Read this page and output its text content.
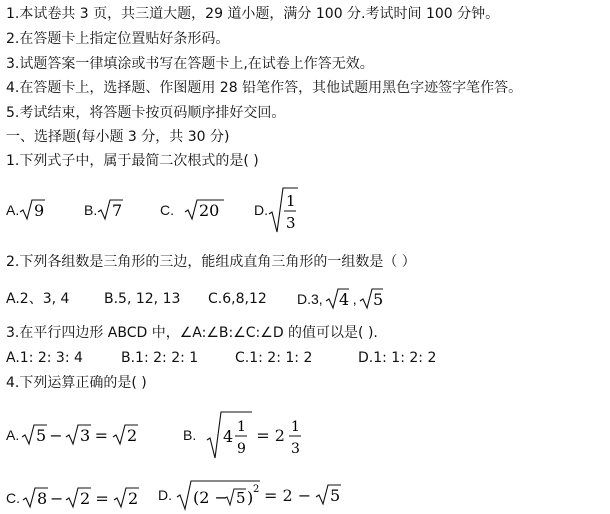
1.本试卷共 3 页，共三道大题，29 道小题，满分 100 分.考试时间 100 分钟。
2.在答题卡上指定位置贴好条形码。
3.试题答案一律填涂或书写在答题卡上,在试卷上作答无效。
4.在答题卡上，选择题、作图题用 28 铅笔作答，其他试题用黑色字迹签字笔作答。
5.考试结束，将答题卡按页码顺序排好交回。
一、选择题(每小题 3 分，共 30 分)
1.下列式子中，属于最简二次根式的是( )
A. 9	B. 7	C. 20 D. 1
3
2.下列各组数是三角形的三边，能组成直角三角形的一组数是（ ）
A.2、3, 4 B.5, 12, 13 C.6,8,12 D.3, 4 , 5
3.在平行四边形 ABCD 中，∠A:∠B:∠C:∠D 的值可以是( ).
A.1: 2: 3: 4	B.1: 2: 2: 1	C.1: 2: 1: 2	D.1: 1: 2: 2
4.下列运算正确的是( )
A. 5 − 3 = 2	B. 4 1
9
= 2 1
3
C. 8 − 2 = 2 D. (2 − 5 ) 2 = 2 − 5
